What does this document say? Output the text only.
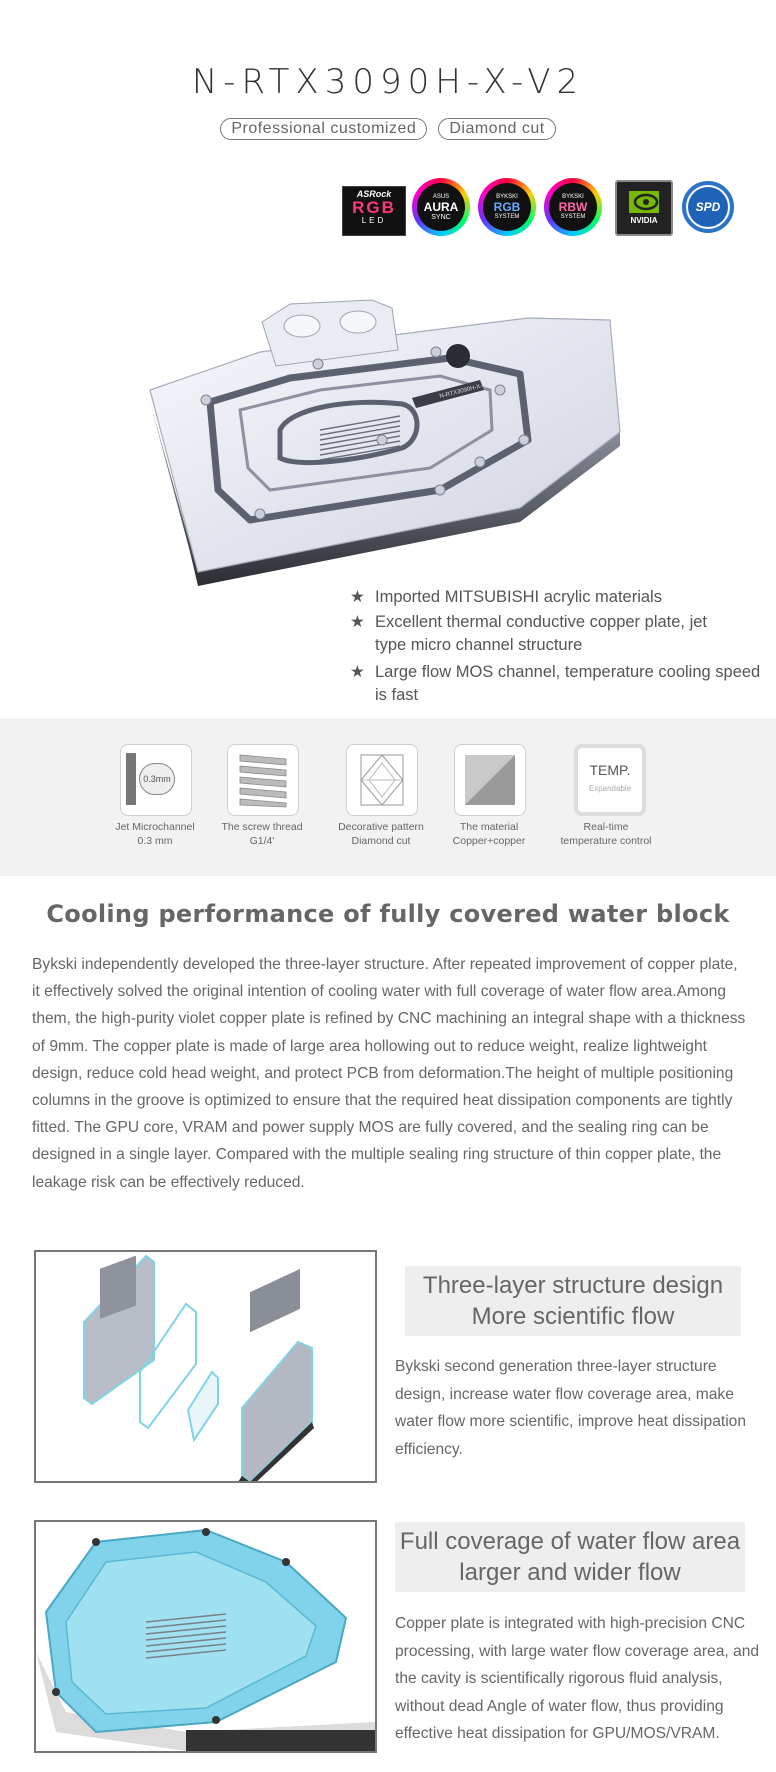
N-RTX3090H-X-V2
Professional customized Diamond cut
ASRock
RGB
LED
ASUS
AURA
SYNC
BYKSKI
RGB
SYSTEM
BYKSKI
RBW
SYSTEM	NVIDIA
SPD
N-RTX3090H-X-V2
★ Imported MITSUBISHI acrylic materials
★ Excellent thermal conductive copper plate, jet type micro channel structure
★ Large flow MOS channel, temperature cooling speed is fast
0.3mm
Jet Microchannel
0.3 mm
The screw thread
G1/4'
Decorative pattern
Diamond cut
The material
Copper+copper
TEMP.
Expandable
Real-time
temperature control
Cooling performance of fully covered water block
Bykski independently developed the three-layer structure. After repeated improvement of copper plate, it effectively solved the original intention of cooling water with full coverage of water flow area.Among them, the high-purity violet copper plate is refined by CNC machining an integral shape with a thickness of 9mm. The copper plate is made of large area hollowing out to reduce weight, realize lightweight design, reduce cold head weight, and protect PCB from deformation.The height of multiple positioning columns in the groove is optimized to ensure that the required heat dissipation components are tightly fitted. The GPU core, VRAM and power supply MOS are fully covered, and the sealing ring can be designed in a single layer. Compared with the multiple sealing ring structure of thin copper plate, the leakage risk can be effectively reduced.
Three-layer structure design
More scientific flow
Bykski second generation three-layer structure design, increase water flow coverage area, make water flow more scientific, improve heat dissipation efficiency.
Full coverage of water flow area
larger and wider flow
Copper plate is integrated with high-precision CNC processing, with large water flow coverage area, and the cavity is scientifically rigorous fluid analysis, without dead Angle of water flow, thus providing effective heat dissipation for GPU/MOS/VRAM.
